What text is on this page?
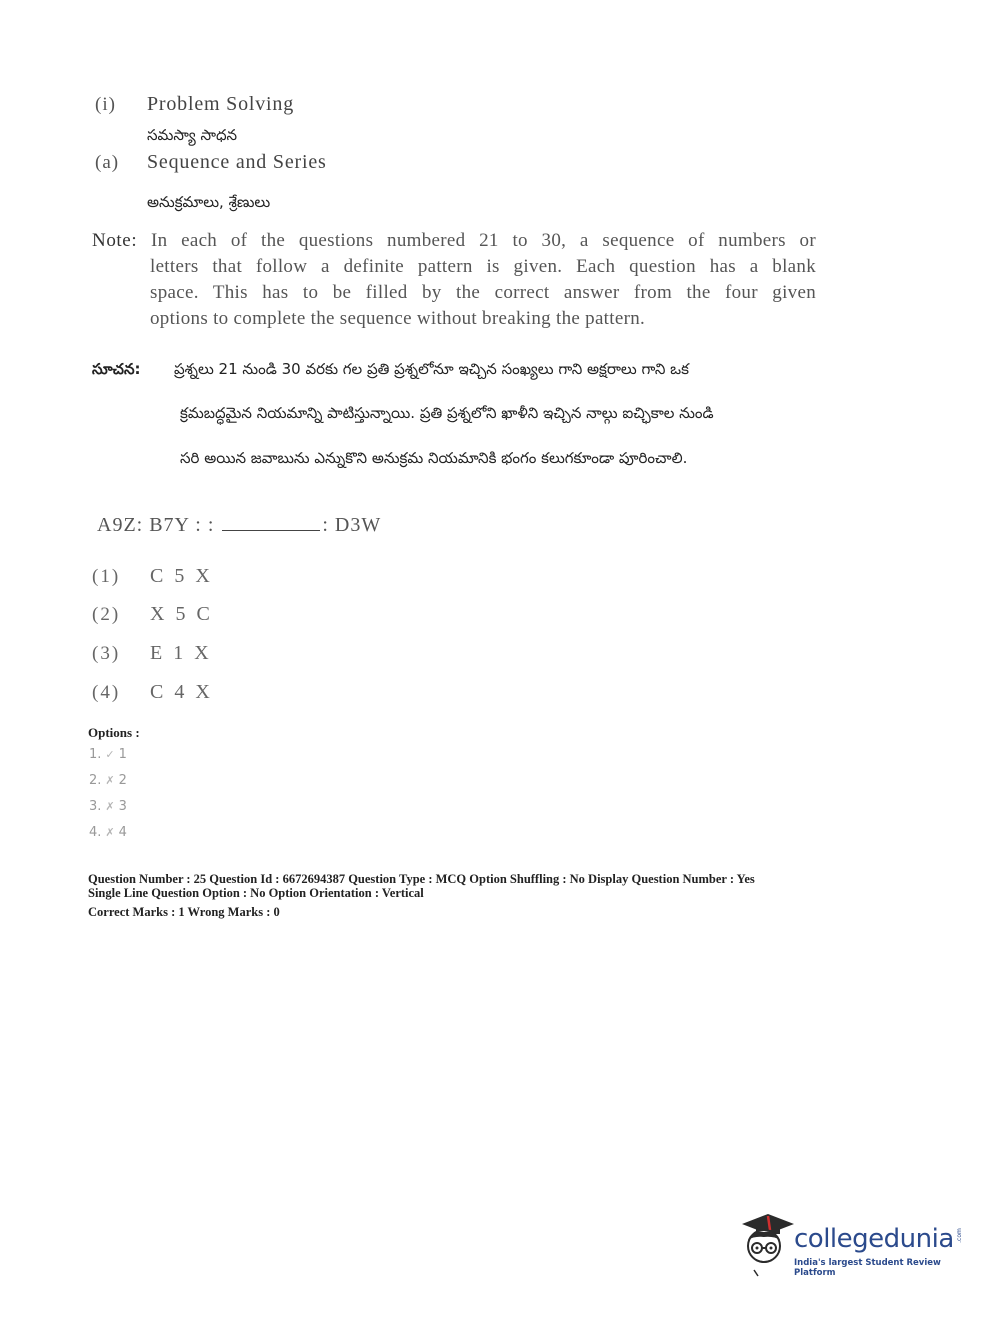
(i) Problem Solving
సమస్యా సాధన
(a) Sequence and Series
అనుక్రమాలు, శ్రేణులు
Note: In each of the questions numbered 21 to 30, a sequence of numbers or
letters that follow a definite pattern is given. Each question has a blank
space. This has to be filled by the correct answer from the four given
options to complete the sequence without breaking the pattern.
సూచన: ప్రశ్నలు 21 నుండి 30 వరకు గల ప్రతి ప్రశ్నలోనూ ఇచ్చిన సంఖ్యలు గాని అక్షరాలు గాని ఒక
క్రమబద్ధమైన నియమాన్ని పాటిస్తున్నాయి. ప్రతి ప్రశ్నలోని ఖాళీని ఇచ్చిన నాల్గు ఐచ్ఛికాల నుండి
సరి అయిన జవాబును ఎన్నుకొని అనుక్రమ నియమానికి భంగం కలుగకూండా పూరించాలి.
A9Z: B7Y : :	: D3W
(1) C 5 X
(2) X 5 C
(3) E 1 X
(4) C 4 X
Options :
1. ✓ 1
2. ✗ 2
3. ✗ 3
4. ✗ 4
Question Number : 25 Question Id : 6672694387 Question Type : MCQ Option Shuffling : No Display Question Number : Yes
Single Line Question Option : No Option Orientation : Vertical
Correct Marks : 1 Wrong Marks : 0
collegedunia .com
India's largest Student Review Platform
